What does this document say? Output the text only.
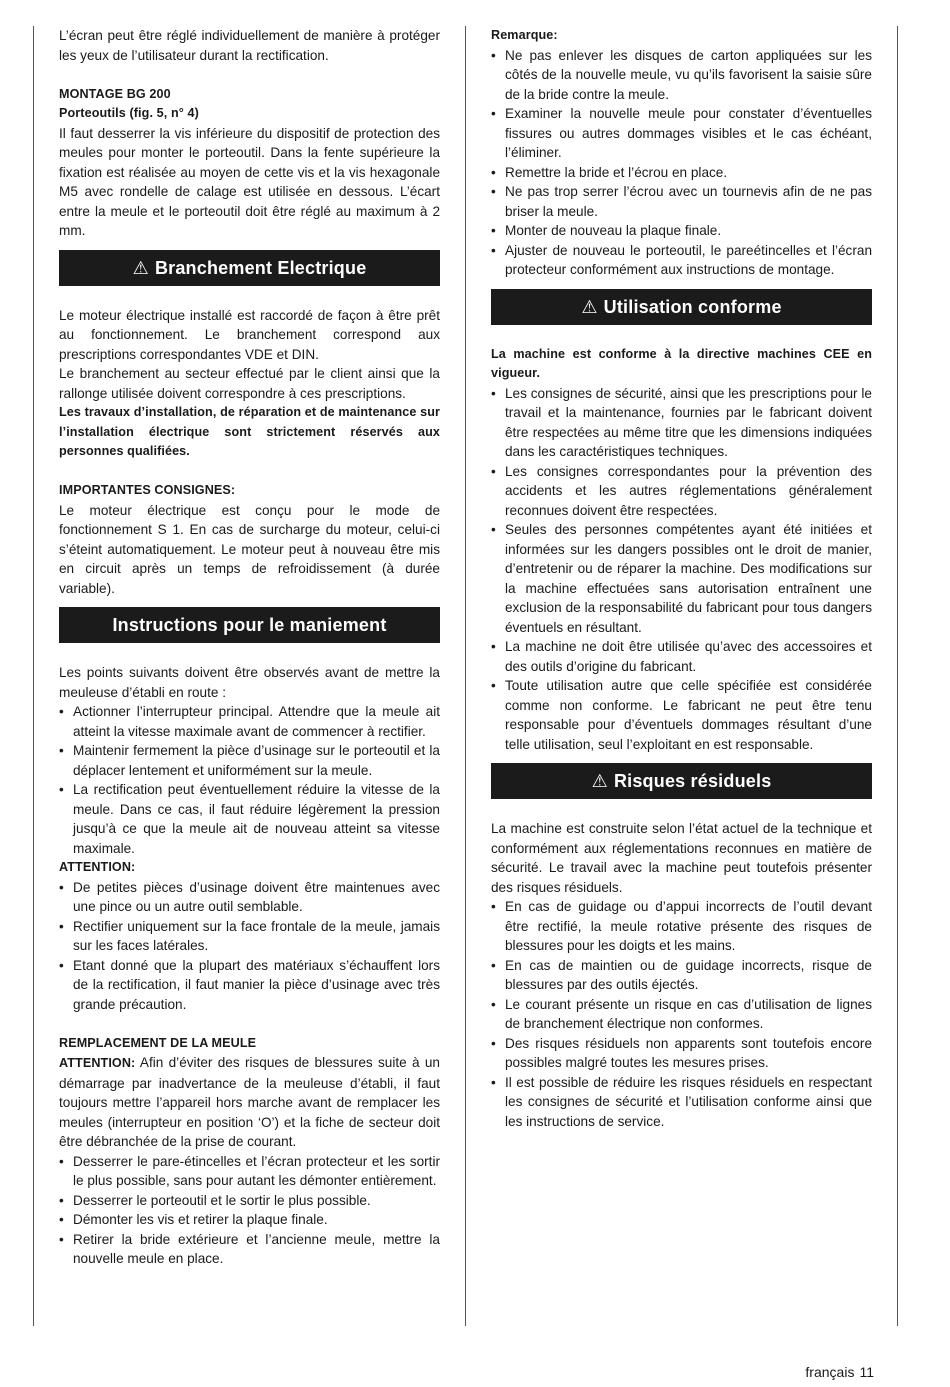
L’écran peut être réglé individuellement de manière à protéger les yeux de l’utilisateur durant la rectification.

MONTAGE BG 200

Porteoutils (fig. 5, n° 4)

Il faut desserrer la vis inférieure du dispositif de protection des meules pour monter le porteoutil. Dans la fente supérieure la fixation est réalisée au moyen de cette vis et la vis hexagonale M5 avec rondelle de calage est utilisée en dessous. L’écart entre la meule et le porteoutil doit être réglé au maximum à 2 mm.

⚠ Branchement Electrique

Le moteur électrique installé est raccordé de façon à être prêt au fonctionnement. Le branchement correspond aux prescriptions correspondantes VDE et DIN.

Le branchement au secteur effectué par le client ainsi que la rallonge utilisée doivent correspondre à ces prescriptions.

Les travaux d’installation, de réparation et de maintenance sur l’installation électrique sont strictement réservés aux personnes qualifiées.

IMPORTANTES CONSIGNES:

Le moteur électrique est conçu pour le mode de fonctionnement S 1. En cas de surcharge du moteur, celui-ci s’éteint automatiquement. Le moteur peut à nouveau être mis en circuit après un temps de refroidissement (à durée variable).

Instructions pour le maniement

Les points suivants doivent être observés avant de mettre la meuleuse d’établi en route :

• Actionner l’interrupteur principal. Attendre que la meule ait atteint la vitesse maximale avant de commencer à rectifier.
• Maintenir fermement la pièce d’usinage sur le porteoutil et la déplacer lentement et uniformément sur la meule.
• La rectification peut éventuellement réduire la vitesse de la meule. Dans ce cas, il faut réduire légèrement la pression jusqu’à ce que la meule ait de nouveau atteint sa vitesse maximale.

ATTENTION:

• De petites pièces d’usinage doivent être maintenues avec une pince ou un autre outil semblable.
• Rectifier uniquement sur la face frontale de la meule, jamais sur les faces latérales.
• Etant donné que la plupart des matériaux s’échauffent lors de la rectification, il faut manier la pièce d’usinage avec très grande précaution.

REMPLACEMENT DE LA MEULE

ATTENTION: Afin d’éviter des risques de blessures suite à un démarrage par inadvertance de la meuleuse d’établi, il faut toujours mettre l’appareil hors marche avant de remplacer les meules (interrupteur en position ‘O’) et la fiche de secteur doit être débranchée de la prise de courant.

• Desserrer le pare-étincelles et l’écran protecteur et les sortir le plus possible, sans pour autant les démonter entièrement.
• Desserrer le porteoutil et le sortir le plus possible.
• Démonter les vis et retirer la plaque finale.
• Retirer la bride extérieure et l’ancienne meule, mettre la nouvelle meule en place.

Remarque:

• Ne pas enlever les disques de carton appliquées sur les côtés de la nouvelle meule, vu qu’ils favorisent la saisie sûre de la bride contre la meule.
• Examiner la nouvelle meule pour constater d’éventuelles fissures ou autres dommages visibles et le cas échéant, l’éliminer.
• Remettre la bride et l’écrou en place.
• Ne pas trop serrer l’écrou avec un tournevis afin de ne pas briser la meule.
• Monter de nouveau la plaque finale.
• Ajuster de nouveau le porteoutil, le pareétincelles et l’écran protecteur conformément aux instructions de montage.
⚠ Utilisation conforme

La machine est conforme à la directive machines CEE en vigueur.

• Les consignes de sécurité, ainsi que les prescriptions pour le travail et la maintenance, fournies par le fabricant doivent être respectées au même titre que les dimensions indiquées dans les caractéristiques techniques.
• Les consignes correspondantes pour la prévention des accidents et les autres réglementations généralement reconnues doivent être respectées.
• Seules des personnes compétentes ayant été initiées et informées sur les dangers possibles ont le droit de manier, d’entretenir ou de réparer la machine. Des modifications sur la machine effectuées sans autorisation entraînent une exclusion de la responsabilité du fabricant pour tous dangers éventuels en résultant.
• La machine ne doit être utilisée qu’avec des accessoires et des outils d’origine du fabricant.
• Toute utilisation autre que celle spécifiée est considérée comme non conforme. Le fabricant ne peut être tenu responsable pour d’éventuels dommages résultant d’une telle utilisation, seul l’exploitant en est responsable.
⚠ Risques résiduels

La machine est construite selon l’état actuel de la technique et conformément aux réglementations reconnues en matière de sécurité. Le travail avec la machine peut toutefois présenter des risques résiduels.

• En cas de guidage ou d’appui incorrects de l’outil devant être rectifié, la meule rotative présente des risques de blessures pour les doigts et les mains.
• En cas de maintien ou de guidage incorrects, risque de blessures par des outils éjectés.
• Le courant présente un risque en cas d’utilisation de lignes de branchement électrique non conformes.
• Des risques résiduels non apparents sont toutefois encore possibles malgré toutes les mesures prises.
• Il est possible de réduire les risques résiduels en respectant les consignes de sécurité et l’utilisation conforme ainsi que les instructions de service.
français 11
